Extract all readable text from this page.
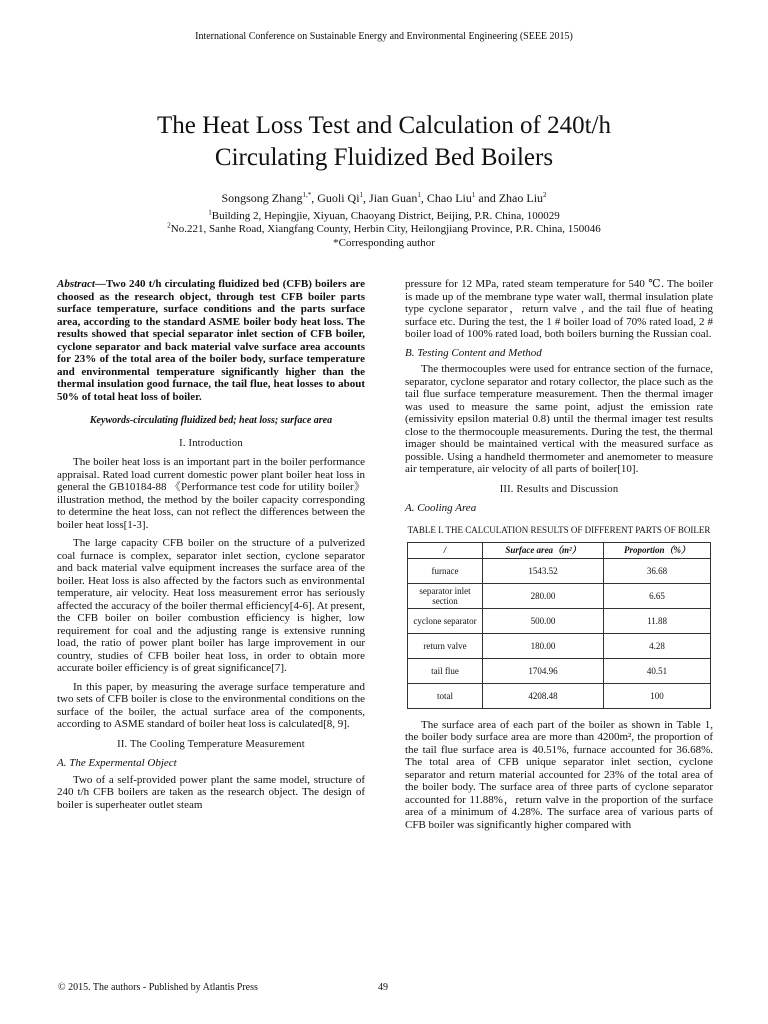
International Conference on Sustainable Energy and Environmental Engineering (SEEE 2015)
The Heat Loss Test and Calculation of 240t/h
Circulating Fluidized Bed Boilers
Songsong Zhang$^{1,*}$, Guoli Qi$^1$, Jian Guan$^1$, Chao Liu$^1$ and Zhao Liu$^2$
$^1$Building 2, Hepingjie, Xiyuan, Chaoyang District, Beijing, P.R. China, 100029
$^2$No.221, Sanhe Road, Xiangfang County, Herbin City, Heilongjiang Province, P.R. China, 150046
*Corresponding author

Abstract—Two 240 t/h circulating fluidized bed (CFB) boilers are choosed as the research object, through test CFB boiler parts surface temperature, surface conditions and the parts surface area, according to the standard ASME boiler body heat loss. The results showed that special separator inlet section of CFB boiler, cyclone separator and back material valve surface area accounts for 23% of the total area of the boiler body, surface temperature and environmental temperature significantly higher than the thermal insulation good furnace, the tail flue, heat losses to about 50% of total heat loss of boiler.

Keywords-circulating fluidized bed; heat loss; surface area

I. Introduction

The boiler heat loss is an important part in the boiler performance appraisal. Rated load current domestic power plant boiler heat loss in general the GB10184-88 《Performance test code for utility boiler》illustration method, the method by the boiler capacity corresponding to determine the heat loss, can not reflect the differences between the boiler heat loss[1-3].

The large capacity CFB boiler on the structure of a pulverized coal furnace is complex, separator inlet section, cyclone separator and back material valve equipment increases the surface area of the boiler. Heat loss is also affected by the factors such as environmental temperature, air velocity. Heat loss measurement error has seriously affected the accuracy of the boiler thermal efficiency[4-6]. At present, the CFB boiler on boiler combustion efficiency is higher, low requirement for coal and the adjusting range is extensive running load, the ratio of power plant boiler has large improvement in our country, studies of CFB boiler heat loss, in order to obtain more accurate boiler efficiency is of great significance[7].

In this paper, by measuring the average surface temperature and two sets of CFB boiler is close to the environmental conditions on the surface of the boiler, the actual surface area of the components, according to ASME standard of boiler heat loss is calculated[8, 9].

II. The Cooling Temperature Measurement

A. The Expermental Object

Two of a self-provided power plant the same model, structure of 240 t/h CFB boilers are taken as the research object. The design of boiler is superheater outlet steam

pressure for 12 MPa, rated steam temperature for 540 ℃. The boiler is made up of the membrane type water wall, thermal insulation plate type cyclone separator，return valve , and the tail flue of heating surface etc. During the test, the 1 # boiler load of 70% rated load, 2 # boiler load of 100% rated load, both boilers burning the Russian coal.

B. Testing Content and Method

The thermocouples were used for entrance section of the furnace, separator, cyclone separator and rotary collector, the place such as the tail flue surface temperature measurement. Then the thermal imager was used to measure the same point, adjust the emission rate (emissivity epsilon material 0.8) until the thermal imager test results close to the thermocouple measurements. During the test, the thermal imager should be maintained vertical with the measured surface as possible. Using a handheld thermometer and anemometer to measure air temperature, air velocity of all parts of boiler[10].

III. Results and Discussion

A. Cooling Area

TABLE I. THE CALCULATION RESULTS OF DIFFERENT PARTS OF BOILER

/	Surface area（m²）	Proportion（%）
furnace	1543.52	36.68
separator inlet section	280.00	6.65
cyclone separator	500.00	11.88
return valve	180.00	4.28
tail flue	1704.96	40.51
total	4208.48	100

The surface area of each part of the boiler as shown in Table 1, the boiler body surface area are more than 4200m², the proportion of the tail flue surface area is 40.51%, furnace accounted for 36.68%. The total area of CFB unique separator inlet section, cyclone separator and return material accounted for 23% of the total area of the boiler body. The surface area of three parts of cyclone separator accounted for 11.88%，return valve in the proportion of the surface area of a minimum of 4.28%. The surface area of various parts of CFB boiler was significantly higher compared with

© 2015. The authors - Published by Atlantis Press	49
